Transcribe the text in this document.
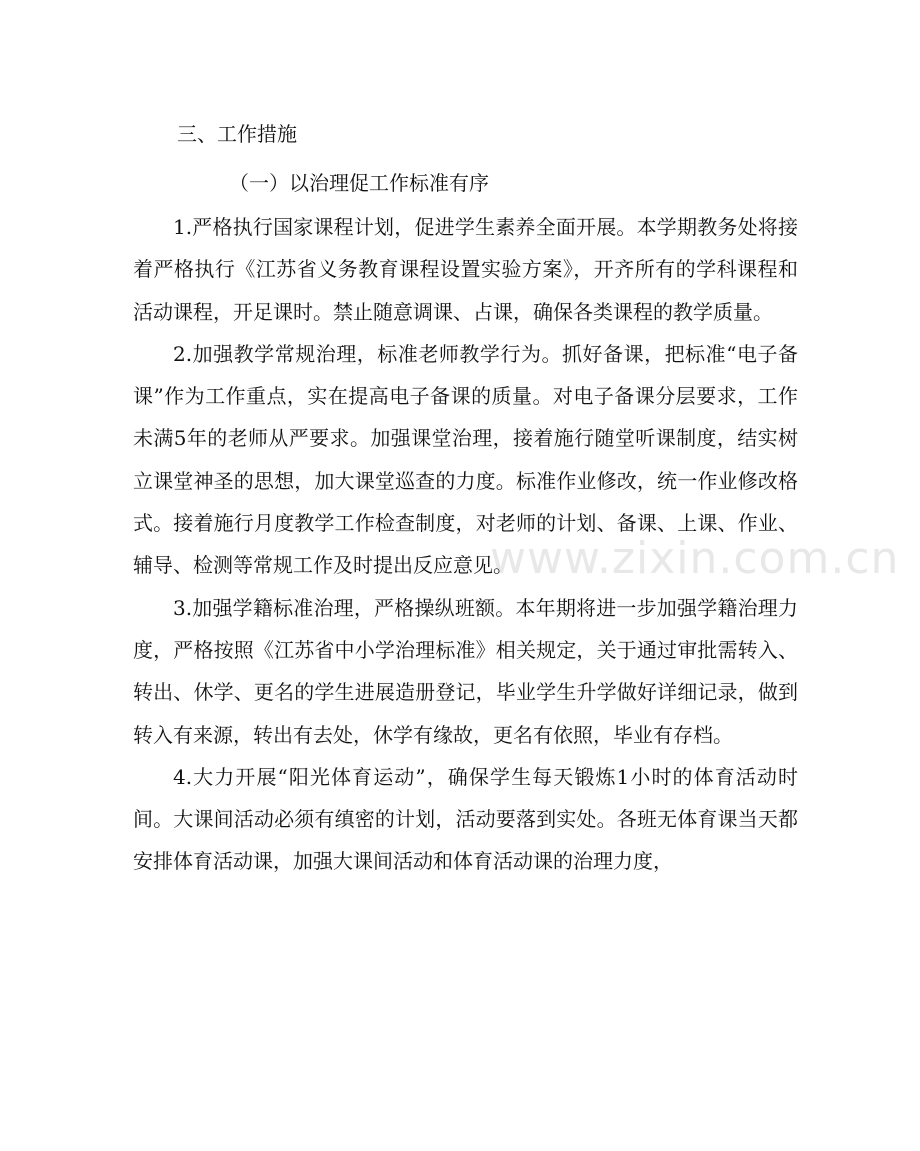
www.zixin.com.cn

三、工作措施

（一）以治理促工作标准有序

1.严格执行国家课程计划，促进学生素养全面开展。本学期教务处将接着严格执行《江苏省义务教育课程设置实验方案》，开齐所有的学科课程和活动课程，开足课时。禁止随意调课、占课，确保各类课程的教学质量。

2.加强教学常规治理，标准老师教学行为。抓好备课，把标准“电子备课”作为工作重点，实在提高电子备课的质量。对电子备课分层要求，工作未满5年的老师从严要求。加强课堂治理，接着施行随堂听课制度，结实树立课堂神圣的思想，加大课堂巡查的力度。标准作业修改，统一作业修改格式。接着施行月度教学工作检查制度，对老师的计划、备课、上课、作业、辅导、检测等常规工作及时提出反应意见。

3.加强学籍标准治理，严格操纵班额。本年期将进一步加强学籍治理力度，严格按照《江苏省中小学治理标准》相关规定，关于通过审批需转入、转出、休学、更名的学生进展造册登记，毕业学生升学做好详细记录，做到转入有来源，转出有去处，休学有缘故，更名有依照，毕业有存档。

4.大力开展“阳光体育运动”，确保学生每天锻炼1小时的体育活动时间。大课间活动必须有缜密的计划，活动要落到实处。各班无体育课当天都安排体育活动课，加强大课间活动和体育活动课的治理力度，
